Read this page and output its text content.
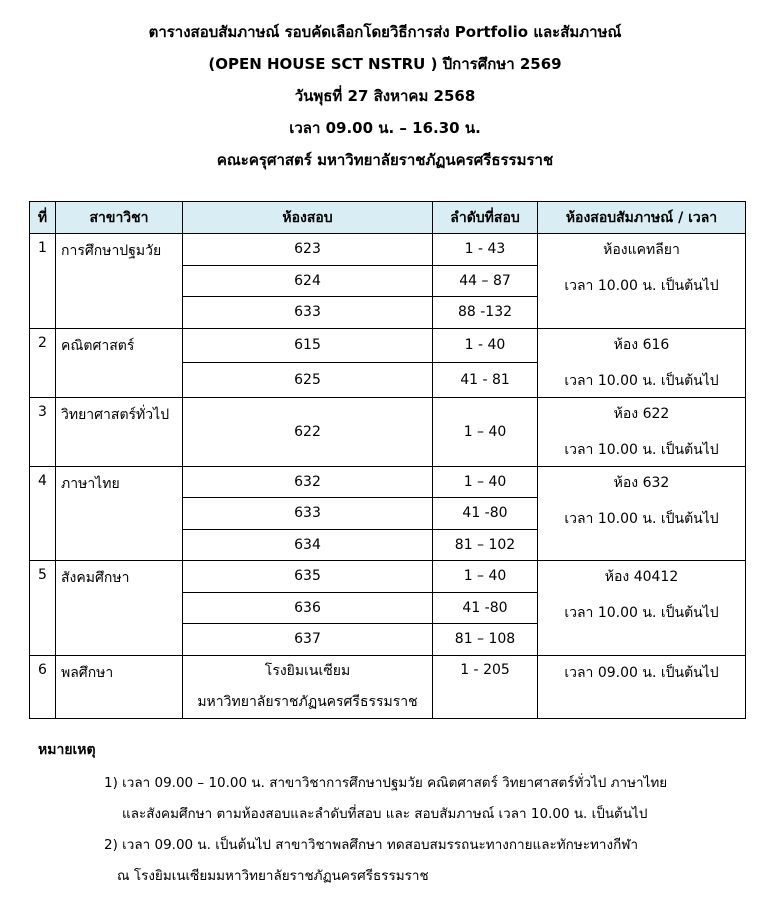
ตารางสอบสัมภาษณ์ รอบคัดเลือกโดยวิธีการส่ง Portfolio และสัมภาษณ์
(OPEN HOUSE SCT NSTRU ) ปีการศึกษา 2569
วันพุธที่ 27 สิงหาคม 2568
เวลา 09.00 น. – 16.30 น.
คณะครุศาสตร์ มหาวิทยาลัยราชภัฏนครศรีธรรมราช
ที่	สาขาวิชา	ห้องสอบ	ลำดับที่สอบ	ห้องสอบสัมภาษณ์ / เวลา
1	การศึกษาปฐมวัย	623	1 - 43	ห้องแคทลียา
เวลา 10.00 น. เป็นต้นไป

		624	44 – 87	
		633	88 -132	
2	คณิตศาสตร์	615	1 - 40	ห้อง 616
เวลา 10.00 น. เป็นต้นไป

		625	41 - 81	
3	วิทยาศาสตร์ทั่วไป	622	1 – 40	ห้อง 622
เวลา 10.00 น. เป็นต้นไป

4	ภาษาไทย	632	1 – 40	ห้อง 632
เวลา 10.00 น. เป็นต้นไป

		633	41 -80	
		634	81 – 102	
5	สังคมศึกษา	635	1 – 40	ห้อง 40412
เวลา 10.00 น. เป็นต้นไป

		636	41 -80	
		637	81 – 108	
6	พลศึกษา	โรงยิมเนเซียม
มหาวิทยาลัยราชภัฏนครศรีธรรมราช	1 - 205	เวลา 09.00 น. เป็นต้นไป
หมายเหตุ
1) เวลา 09.00 – 10.00 น. สาขาวิชาการศึกษาปฐมวัย คณิตศาสตร์ วิทยาศาสตร์ทั่วไป ภาษาไทย
และสังคมศึกษา ตามห้องสอบและลำดับที่สอบ และ สอบสัมภาษณ์ เวลา 10.00 น. เป็นต้นไป
2) เวลา 09.00 น. เป็นต้นไป สาขาวิชาพลศึกษา ทดสอบสมรรถนะทางกายและทักษะทางกีฬา
ณ โรงยิมเนเซียมมหาวิทยาลัยราชภัฏนครศรีธรรมราช
